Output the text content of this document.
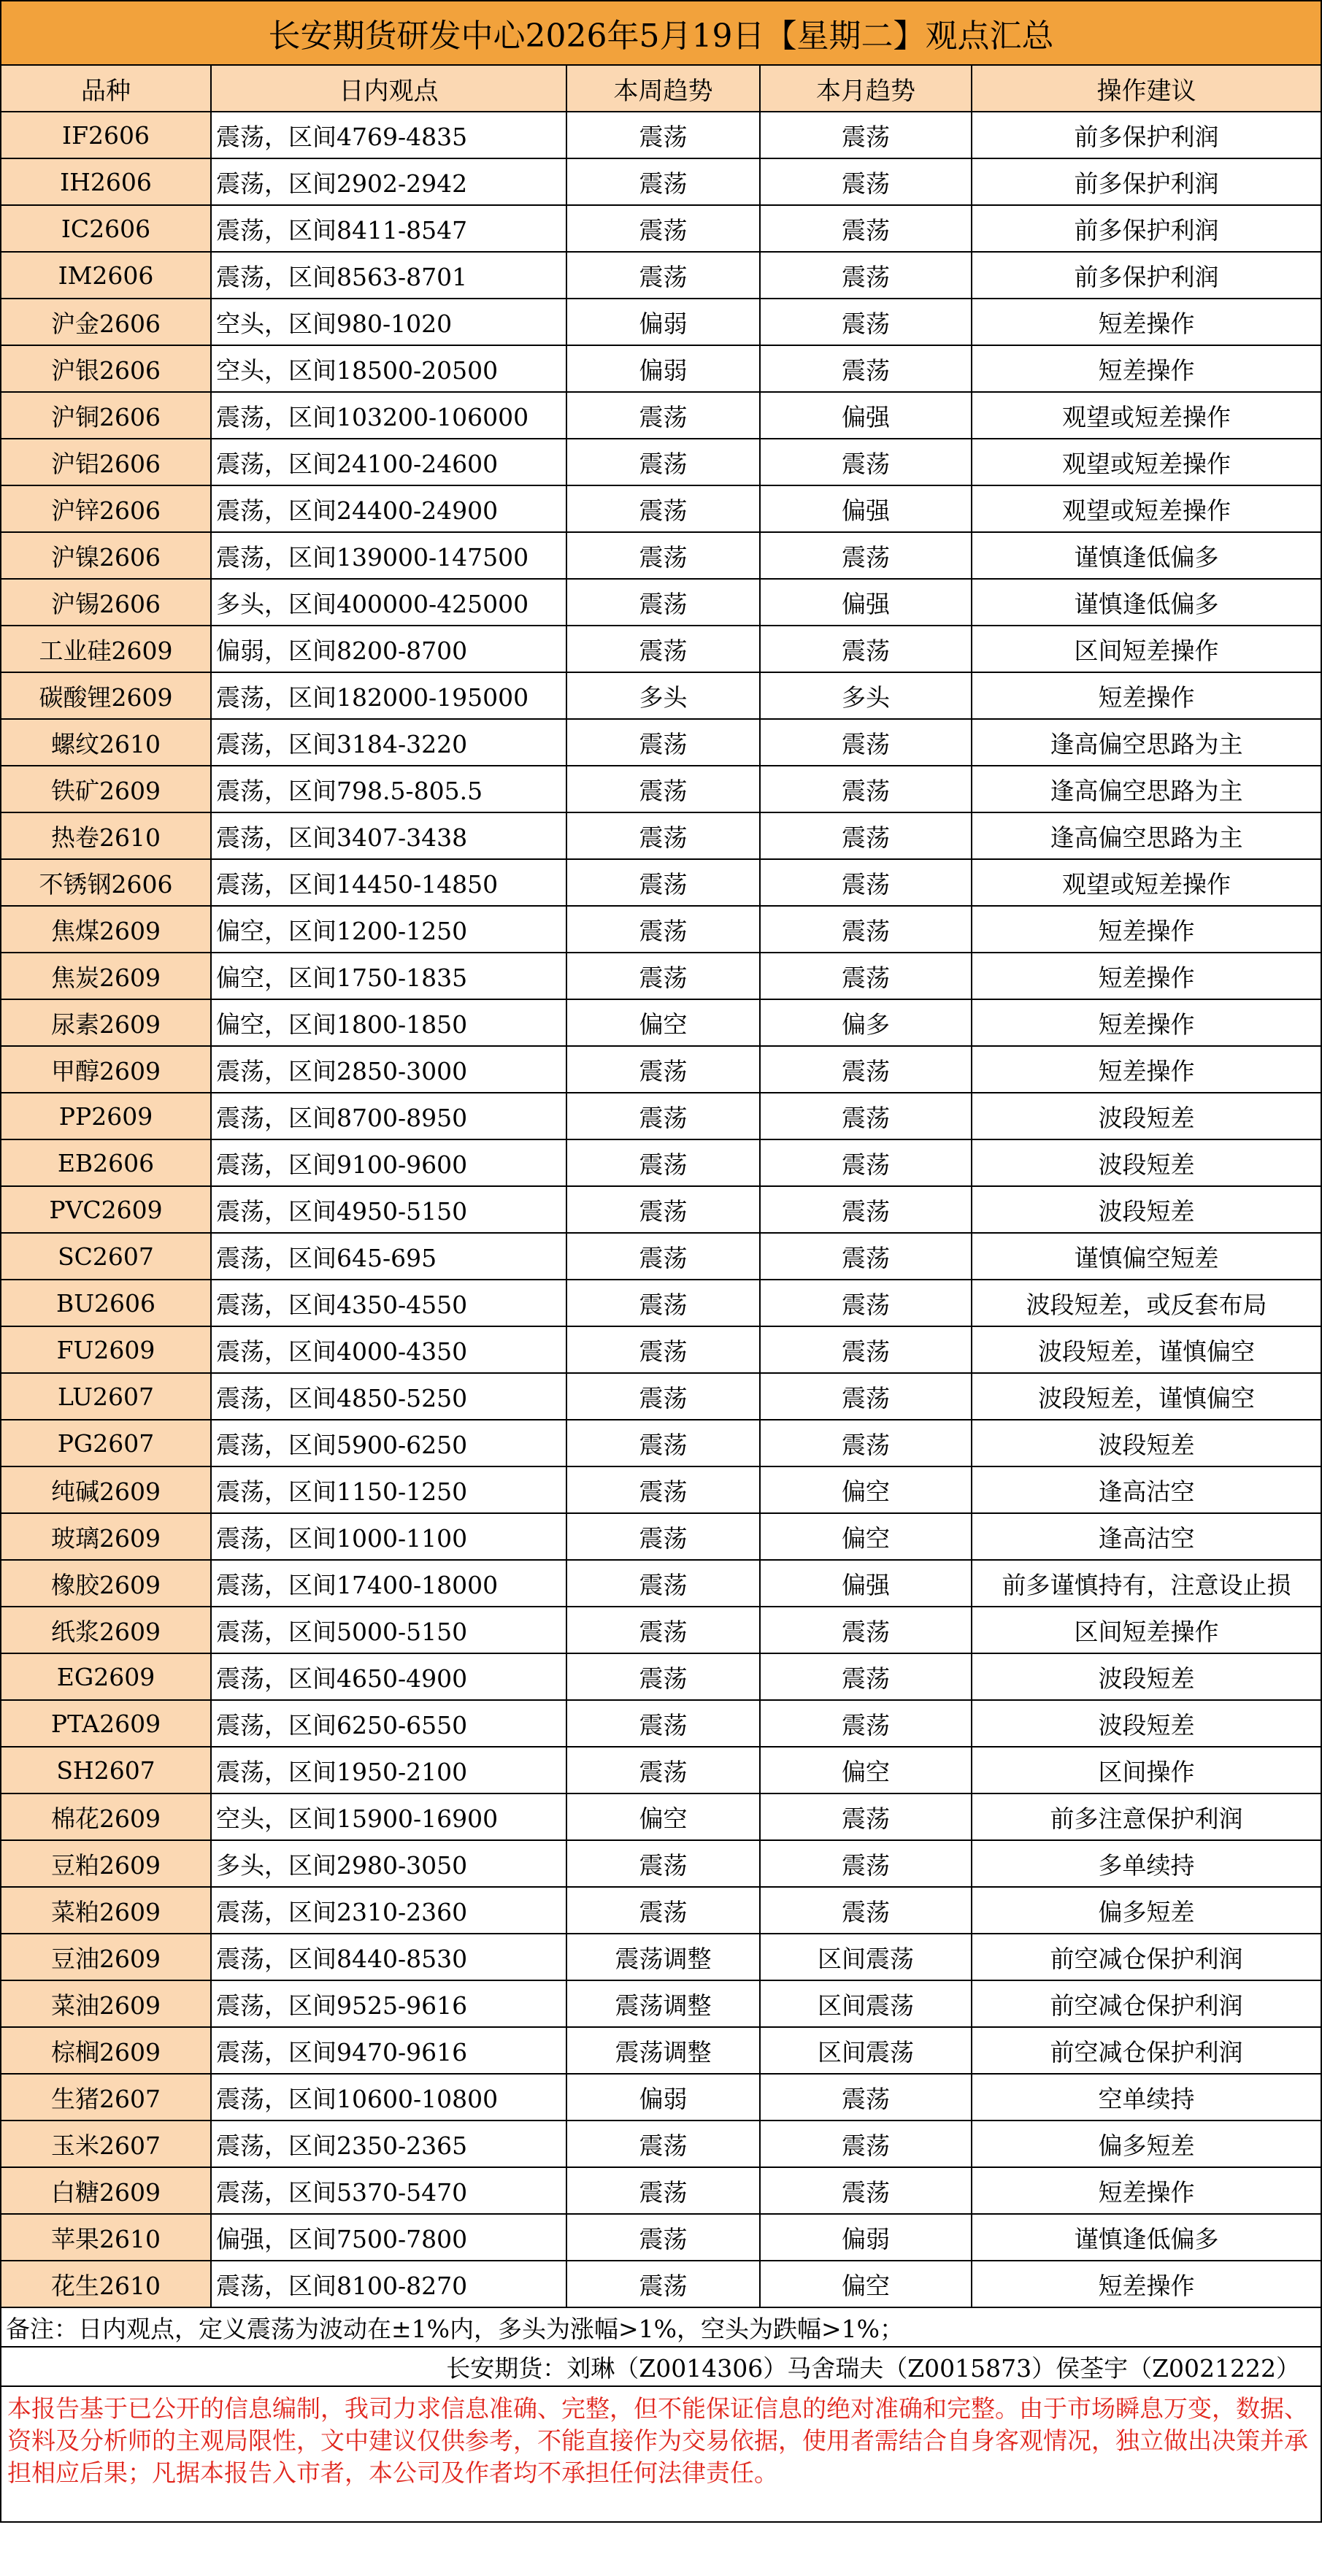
长安期货研发中心2026年5月19日【星期二】观点汇总				
品种	日内观点	本周趋势	本月趋势	操作建议
IF2606	震荡，区间4769-4835	震荡	震荡	前多保护利润
IH2606	震荡，区间2902-2942	震荡	震荡	前多保护利润
IC2606	震荡，区间8411-8547	震荡	震荡	前多保护利润
IM2606	震荡，区间8563-8701	震荡	震荡	前多保护利润
沪金2606	空头，区间980-1020	偏弱	震荡	短差操作
沪银2606	空头，区间18500-20500	偏弱	震荡	短差操作
沪铜2606	震荡，区间103200-106000	震荡	偏强	观望或短差操作
沪铝2606	震荡，区间24100-24600	震荡	震荡	观望或短差操作
沪锌2606	震荡，区间24400-24900	震荡	偏强	观望或短差操作
沪镍2606	震荡，区间139000-147500	震荡	震荡	谨慎逢低偏多
沪锡2606	多头，区间400000-425000	震荡	偏强	谨慎逢低偏多
工业硅2609	偏弱，区间8200-8700	震荡	震荡	区间短差操作
碳酸锂2609	震荡，区间182000-195000	多头	多头	短差操作
螺纹2610	震荡，区间3184-3220	震荡	震荡	逢高偏空思路为主
铁矿2609	震荡，区间798.5-805.5	震荡	震荡	逢高偏空思路为主
热卷2610	震荡，区间3407-3438	震荡	震荡	逢高偏空思路为主
不锈钢2606	震荡，区间14450-14850	震荡	震荡	观望或短差操作
焦煤2609	偏空，区间1200-1250	震荡	震荡	短差操作
焦炭2609	偏空，区间1750-1835	震荡	震荡	短差操作
尿素2609	偏空，区间1800-1850	偏空	偏多	短差操作
甲醇2609	震荡，区间2850-3000	震荡	震荡	短差操作
PP2609	震荡，区间8700-8950	震荡	震荡	波段短差
EB2606	震荡，区间9100-9600	震荡	震荡	波段短差
PVC2609	震荡，区间4950-5150	震荡	震荡	波段短差
SC2607	震荡，区间645-695	震荡	震荡	谨慎偏空短差
BU2606	震荡，区间4350-4550	震荡	震荡	波段短差，或反套布局
FU2609	震荡，区间4000-4350	震荡	震荡	波段短差，谨慎偏空
LU2607	震荡，区间4850-5250	震荡	震荡	波段短差，谨慎偏空
PG2607	震荡，区间5900-6250	震荡	震荡	波段短差
纯碱2609	震荡，区间1150-1250	震荡	偏空	逢高沽空
玻璃2609	震荡，区间1000-1100	震荡	偏空	逢高沽空
橡胶2609	震荡，区间17400-18000	震荡	偏强	前多谨慎持有，注意设止损
纸浆2609	震荡，区间5000-5150	震荡	震荡	区间短差操作
EG2609	震荡，区间4650-4900	震荡	震荡	波段短差
PTA2609	震荡，区间6250-6550	震荡	震荡	波段短差
SH2607	震荡，区间1950-2100	震荡	偏空	区间操作
棉花2609	空头，区间15900-16900	偏空	震荡	前多注意保护利润
豆粕2609	多头，区间2980-3050	震荡	震荡	多单续持
菜粕2609	震荡，区间2310-2360	震荡	震荡	偏多短差
豆油2609	震荡，区间8440-8530	震荡调整	区间震荡	前空减仓保护利润
菜油2609	震荡，区间9525-9616	震荡调整	区间震荡	前空减仓保护利润
棕榈2609	震荡，区间9470-9616	震荡调整	区间震荡	前空减仓保护利润
生猪2607	震荡，区间10600-10800	偏弱	震荡	空单续持
玉米2607	震荡，区间2350-2365	震荡	震荡	偏多短差
白糖2609	震荡，区间5370-5470	震荡	震荡	短差操作
苹果2610	偏强，区间7500-7800	震荡	偏弱	谨慎逢低偏多
花生2610	震荡，区间8100-8270	震荡	偏空	短差操作
备注：日内观点，定义震荡为波动在±1%内，多头为涨幅>1%，空头为跌幅>1%；				
长安期货：刘琳（Z0014306）马舍瑞夫（Z0015873）侯荃宇（Z0021222）				
本报告基于已公开的信息编制，我司力求信息准确、完整，但不能保证信息的绝对准确和完整。由于市场瞬息万变，数据、资料及分析师的主观局限性，文中建议仅供参考，不能直接作为交易依据，使用者需结合自身客观情况，独立做出决策并承担相应后果；凡据本报告入市者，本公司及作者均不承担任何法律责任。				
